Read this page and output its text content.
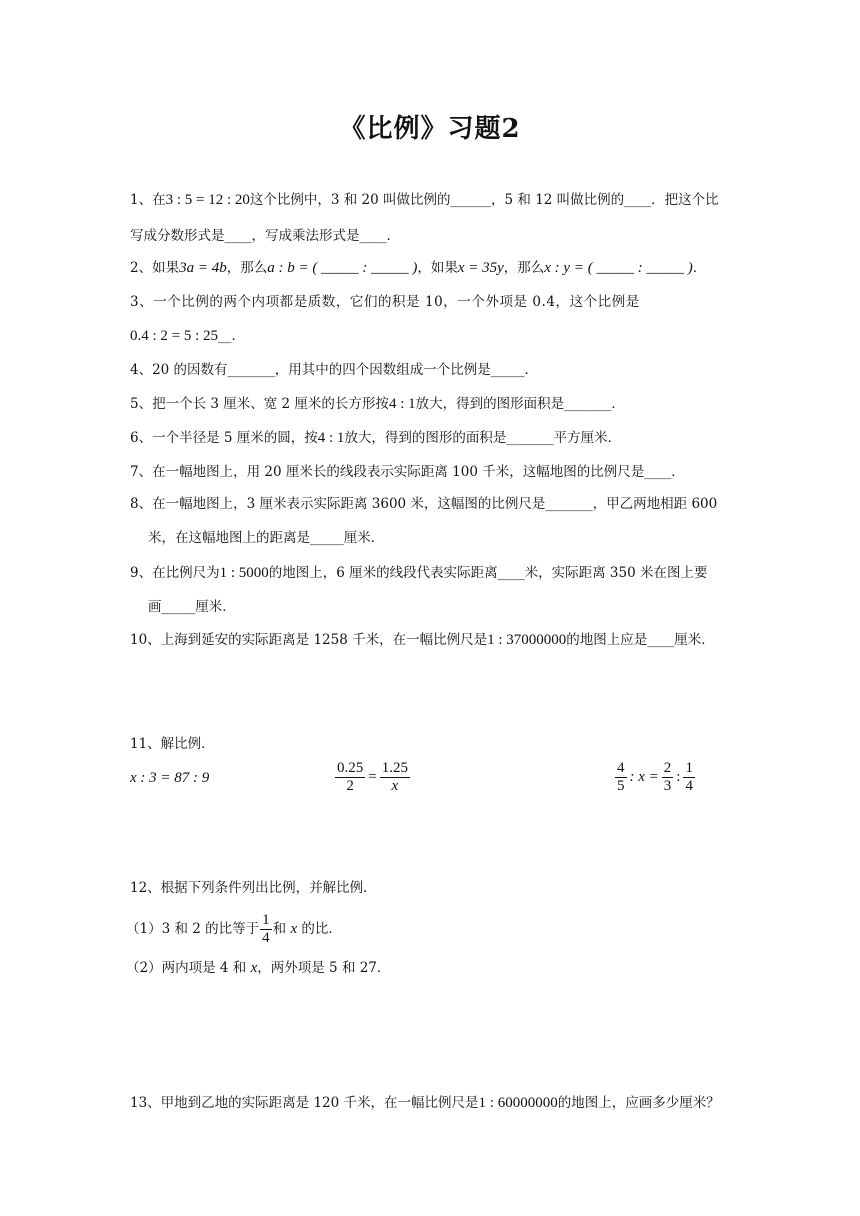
《比例》习题2
1、在3 : 5 = 12 : 20这个比例中，3 和 20 叫做比例的______，5 和 12 叫做比例的____．把这个比
写成分数形式是____，写成乘法形式是____．
2、如果3a = 4b，那么a : b = ( _____ : _____ )，如果x = 35y，那么x : y = ( _____ : _____ )．
3、一个比例的两个内项都是质数，它们的积是 10，一个外项是 0.4，这个比例是
0.4 : 2 = 5 : 25__．
4、20 的因数有_______，用其中的四个因数组成一个比例是_____．
5、把一个长 3 厘米、宽 2 厘米的长方形按4 : 1放大，得到的图形面积是_______．
6、一个半径是 5 厘米的圆，按4 : 1放大，得到的图形的面积是_______平方厘米．
7、在一幅地图上，用 20 厘米长的线段表示实际距离 100 千米，这幅地图的比例尺是____．
8、在一幅地图上，3 厘米表示实际距离 3600 米，这幅图的比例尺是_______，甲乙两地相距 600
米，在这幅地图上的距离是_____厘米．
9、在比例尺为1 : 5000的地图上，6 厘米的线段代表实际距离____米，实际距离 350 米在图上要
画_____厘米．
10、上海到延安的实际距离是 1258 千米，在一幅比例尺是1 : 37000000的地图上应是____厘米．
11、解比例．
x : 3 = 87 : 9	$\frac{0.25}{2} = \frac{1.25}{x}$	$\frac{4}{5}$ : $x = \frac{2}{3}$ : $\frac{1}{4}$
12、根据下列条件列出比例，并解比例．
（1）3 和 2 的比等于 $\frac{1}{4}$ 和 x 的比．
（2）两内项是 4 和 x，两外项是 5 和 27．
13、甲地到乙地的实际距离是 120 千米，在一幅比例尺是1 : 60000000的地图上，应画多少厘米？
